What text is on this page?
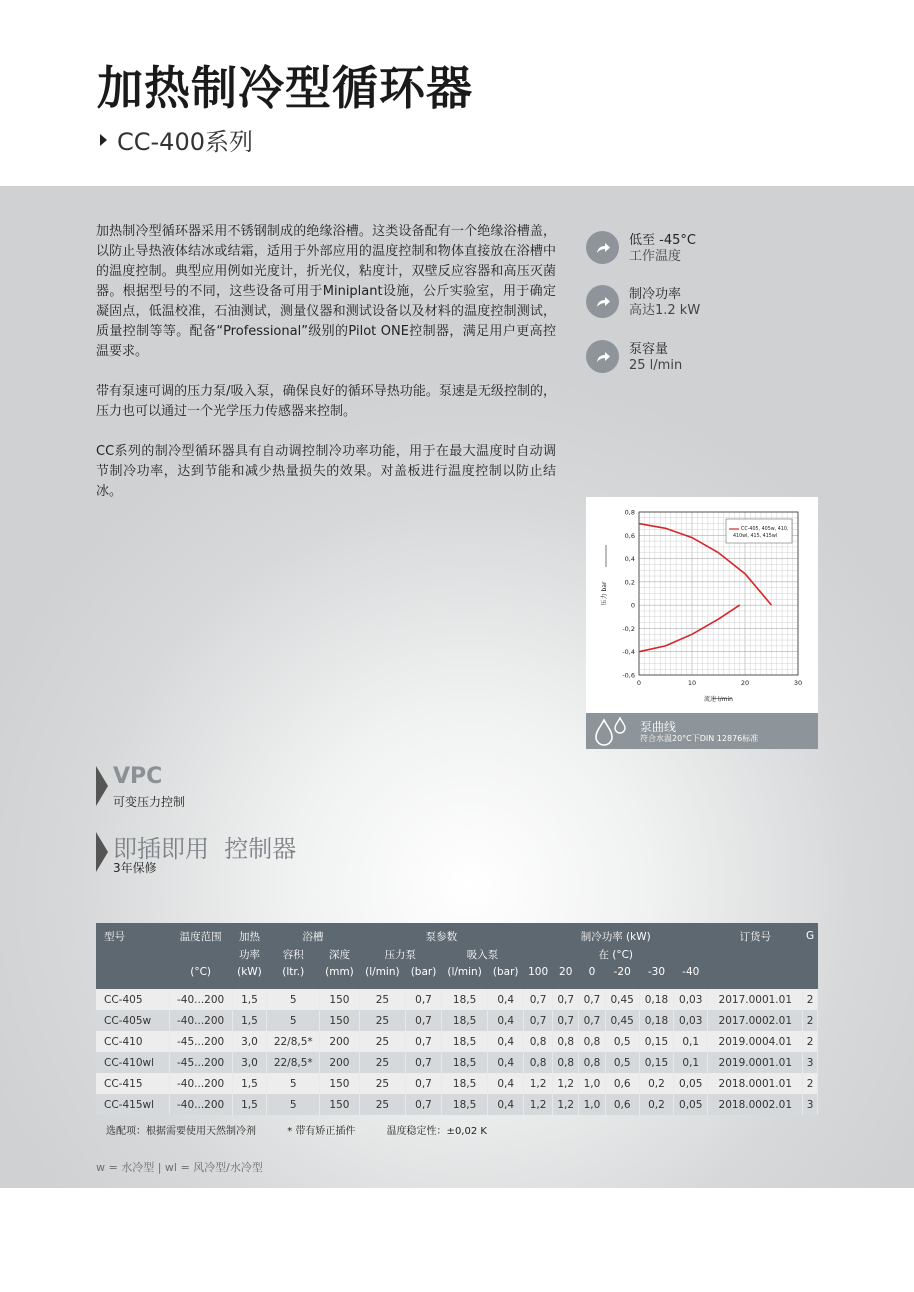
加热制冷型循环器
CC-400系列

加热制冷型循环器采用不锈钢制成的绝缘浴槽。这类设备配有一个绝缘浴槽盖，以防止导热液体结冰或结霜，适用于外部应用的温度控制和物体直接放在浴槽中的温度控制。典型应用例如光度计，折光仪，粘度计，双壁反应容器和高压灭菌器。根据型号的不同，这些设备可用于Miniplant设施，公斤实验室，用于确定凝固点，低温校准，石油测试，测量仪器和测试设备以及材料的温度控制测试，质量控制等等。配备“Professional”级别的Pilot ONE控制器，满足用户更高控温要求。

带有泵速可调的压力泵/吸入泵，确保良好的循环导热功能。泵速是无级控制的，压力也可以通过一个光学压力传感器来控制。

CC系列的制冷型循环器具有自动调控制冷功率功能，用于在最大温度时自动调节制冷功率，达到节能和减少热量损失的效果。对盖板进行温度控制以防止结冰。

低至 -45°C
工作温度
制冷功率
高达1.2 kW
泵容量
25 l/min
0,8
0,6
0,4
0,2
0
-0,2
-0,4
-0,6
0	10	20	30
流速 l/min
压力 bar
CC-405, 405w, 410, 410wl, 415, 415wl
泵曲线
符合水温20°C下DIN 12876标准
VPC
可变压力控制
即插即用  控制器
3年保修
型号	温度范围	加热	浴槽		泵参数				制冷功率 (kW)						订货号	G
		功率	容积	深度	压力泵		吸入泵		在 (°C)							
	(°C)	(kW)	(ltr.)	(mm)	(l/min)	(bar)	(l/min)	(bar)	100	20	0	-20	-30	-40		

CC-405	-40...200	1,5	5	150	25	0,7	18,5	0,4	0,7	0,7	0,7	0,45	0,18	0,03	2017.0001.01	2
CC-405w	-40...200	1,5	5	150	25	0,7	18,5	0,4	0,7	0,7	0,7	0,45	0,18	0,03	2017.0002.01	2
CC-410	-45...200	3,0	22/8,5*	200	25	0,7	18,5	0,4	0,8	0,8	0,8	0,5	0,15	0,1	2019.0004.01	2
CC-410wl	-45...200	3,0	22/8,5*	200	25	0,7	18,5	0,4	0,8	0,8	0,8	0,5	0,15	0,1	2019.0001.01	3
CC-415	-40...200	1,5	5	150	25	0,7	18,5	0,4	1,2	1,2	1,0	0,6	0,2	0,05	2018.0001.01	2
CC-415wl	-40...200	1,5	5	150	25	0,7	18,5	0,4	1,2	1,2	1,0	0,6	0,2	0,05	2018.0002.01	3
选配项：根据需要使用天然制冷剂	* 带有矫正插件	温度稳定性：±0,02 K
w = 水冷型 | wl = 风冷型/水冷型
